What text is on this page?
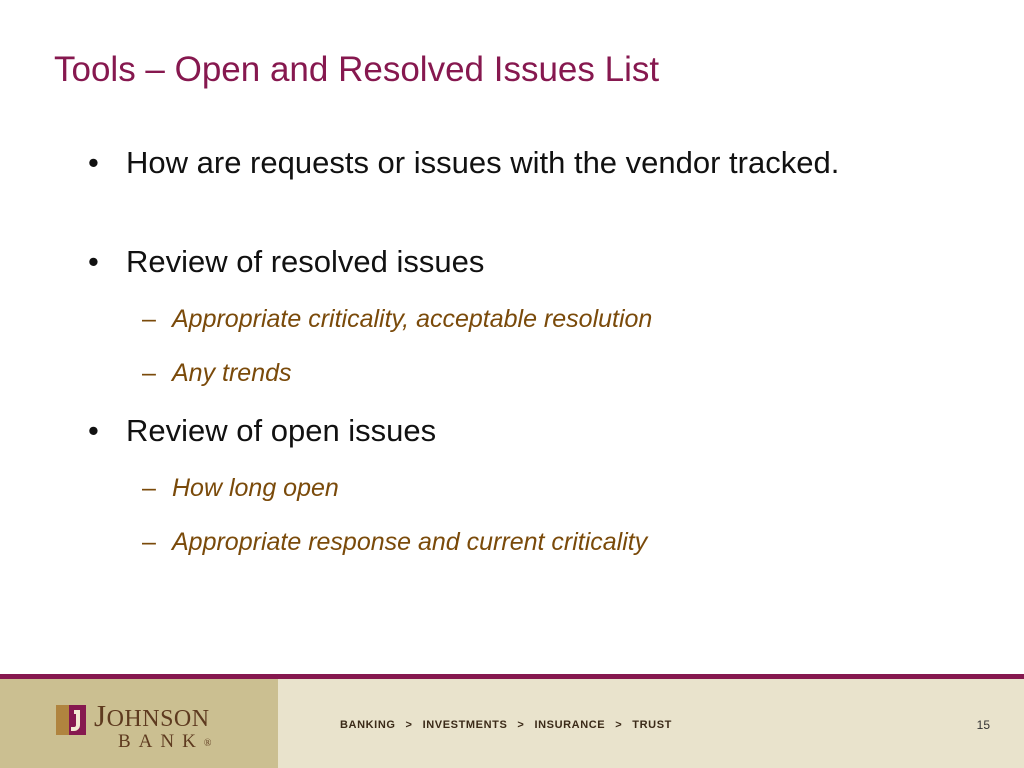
Tools – Open and Resolved Issues List
• How are requests or issues with the vendor tracked.
• Review of resolved issues
– Appropriate criticality, acceptable resolution
– Any trends
• Review of open issues
– How long open
– Appropriate response and current criticality
JOHNSON
BANK®
BANKING > INVESTMENTS > INSURANCE > TRUST	15
